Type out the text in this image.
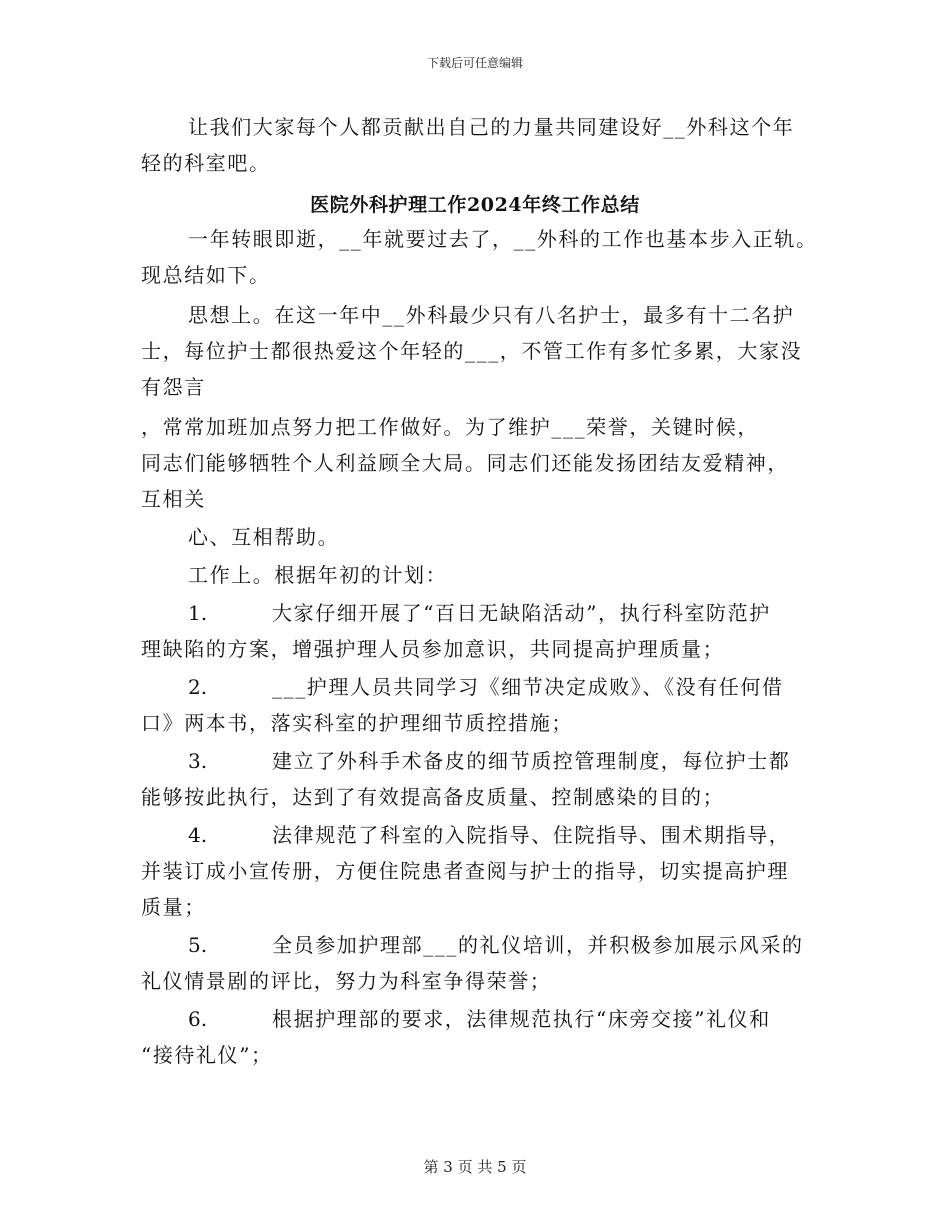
下载后可任意编辑
让我们大家每个人都贡献出自己的力量共同建设好__外科这个年
轻的科室吧。
医院外科护理工作2024年终工作总结
一年转眼即逝，__年就要过去了，__外科的工作也基本步入正轨。
现总结如下。
思想上。在这一年中__外科最少只有八名护士，最多有十二名护
士，每位护士都很热爱这个年轻的___，不管工作有多忙多累，大家没
有怨言
，常常加班加点努力把工作做好。为了维护___荣誉，关键时候，
同志们能够牺牲个人利益顾全大局。同志们还能发扬团结友爱精神，
互相关
心、互相帮助。
工作上。根据年初的计划：
1.	大家仔细开展了“百日无缺陷活动”，执行科室防范护
理缺陷的方案，增强护理人员参加意识，共同提高护理质量；
2.	___护理人员共同学习《细节决定成败》、《没有任何借
口》两本书，落实科室的护理细节质控措施；
3.	建立了外科手术备皮的细节质控管理制度，每位护士都
能够按此执行，达到了有效提高备皮质量、控制感染的目的；
4.	法律规范了科室的入院指导、住院指导、围术期指导，
并装订成小宣传册，方便住院患者查阅与护士的指导，切实提高护理
质量；
5.	全员参加护理部___的礼仪培训，并积极参加展示风采的
礼仪情景剧的评比，努力为科室争得荣誉；
6.	根据护理部的要求，法律规范执行“床旁交接”礼仪和
“接待礼仪”；
第 3 页 共 5 页
